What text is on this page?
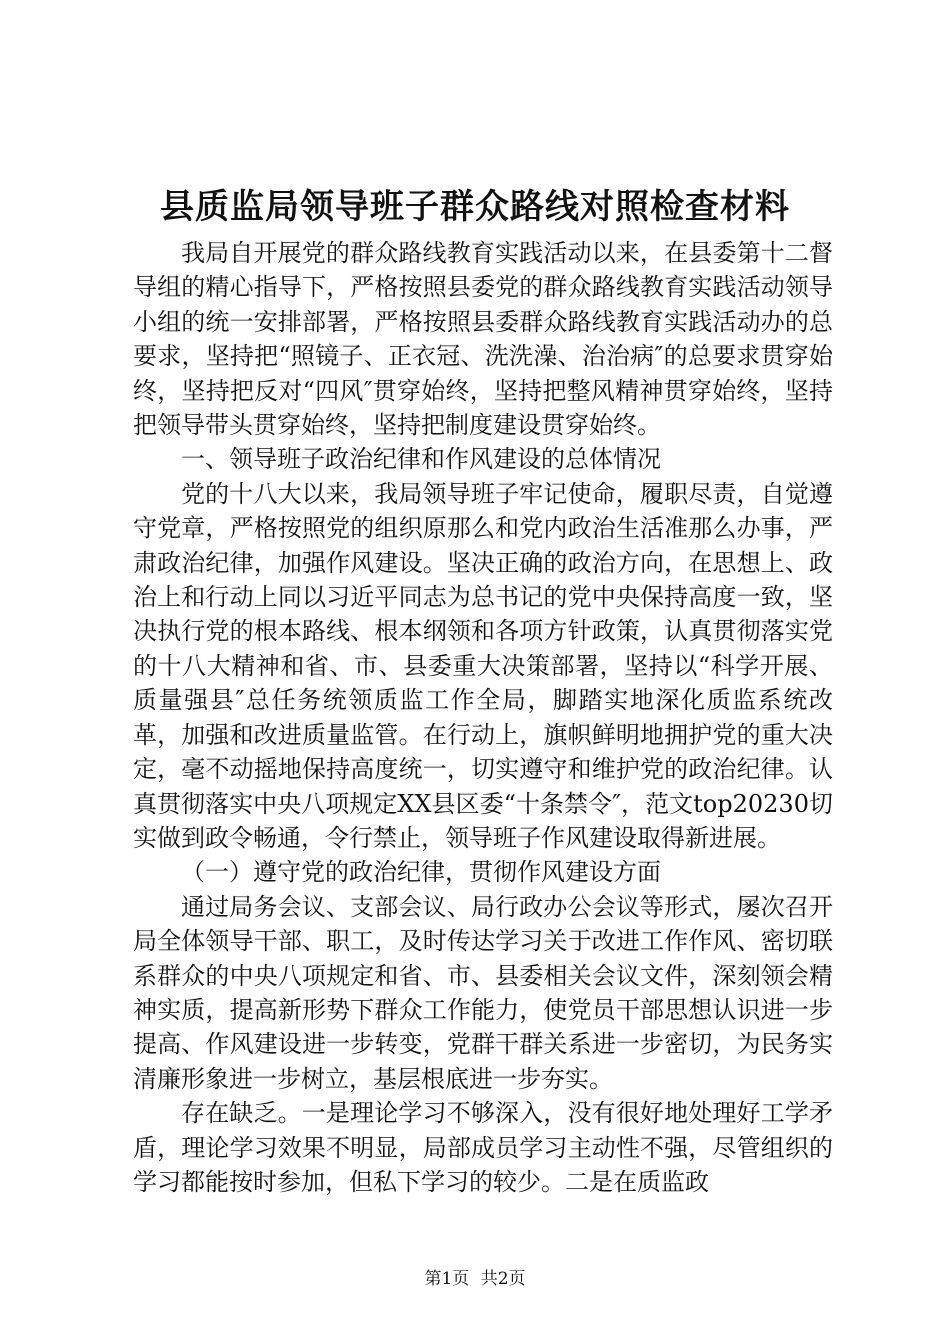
县质监局领导班子群众路线对照检查材料

我局自开展党的群众路线教育实践活动以来，在县委第十二督导组的精心指导下，严格按照县委党的群众路线教育实践活动领导小组的统一安排部署，严格按照县委群众路线教育实践活动办的总要求，坚持把“照镜子、正衣冠、洗洗澡、治治病″的总要求贯穿始终，坚持把反对“四风″贯穿始终，坚持把整风精神贯穿始终，坚持把领导带头贯穿始终，坚持把制度建设贯穿始终。

一、领导班子政治纪律和作风建设的总体情况

党的十八大以来，我局领导班子牢记使命，履职尽责，自觉遵守党章，严格按照党的组织原那么和党内政治生活准那么办事，严肃政治纪律，加强作风建设。坚决正确的政治方向，在思想上、政治上和行动上同以习近平同志为总书记的党中央保持高度一致，坚决执行党的根本路线、根本纲领和各项方针政策，认真贯彻落实党的十八大精神和省、市、县委重大决策部署，坚持以“科学开展、质量强县″总任务统领质监工作全局，脚踏实地深化质监系统改革，加强和改进质量监管。在行动上，旗帜鲜明地拥护党的重大决定，毫不动摇地保持高度统一，切实遵守和维护党的政治纪律。认真贯彻落实中央八项规定XX县区委“十条禁令″，范文top20230切实做到政令畅通，令行禁止，领导班子作风建设取得新进展。

（一）遵守党的政治纪律，贯彻作风建设方面

通过局务会议、支部会议、局行政办公会议等形式，屡次召开局全体领导干部、职工，及时传达学习关于改进工作作风、密切联系群众的中央八项规定和省、市、县委相关会议文件，深刻领会精神实质，提高新形势下群众工作能力，使党员干部思想认识进一步提高、作风建设进一步转变，党群干群关系进一步密切，为民务实清廉形象进一步树立，基层根底进一步夯实。

存在缺乏。一是理论学习不够深入，没有很好地处理好工学矛盾，理论学习效果不明显，局部成员学习主动性不强，尽管组织的学习都能按时参加，但私下学习的较少。二是在质监政

第1页 共2页
